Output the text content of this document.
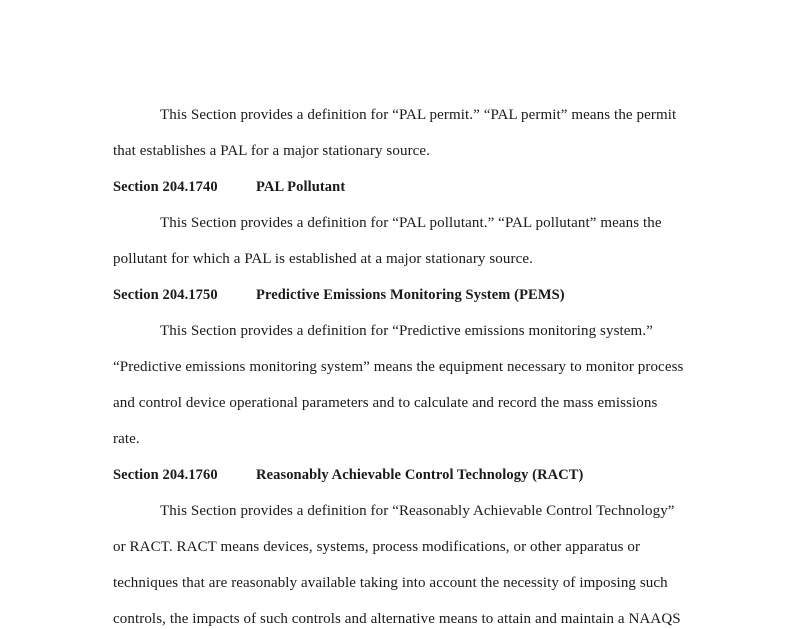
This Section provides a definition for “PAL permit.” “PAL permit” means the permit
that establishes a PAL for a major stationary source.
Section 204.1740	PAL Pollutant
This Section provides a definition for “PAL pollutant.” “PAL pollutant” means the
pollutant for which a PAL is established at a major stationary source.
Section 204.1750	Predictive Emissions Monitoring System (PEMS)
This Section provides a definition for “Predictive emissions monitoring system.”
“Predictive emissions monitoring system” means the equipment necessary to monitor process
and control device operational parameters and to calculate and record the mass emissions
rate.
Section 204.1760	Reasonably Achievable Control Technology (RACT)
This Section provides a definition for “Reasonably Achievable Control Technology”
or RACT. RACT means devices, systems, process modifications, or other apparatus or
techniques that are reasonably available taking into account the necessity of imposing such
controls, the impacts of such controls and alternative means to attain and maintain a NAAQS
